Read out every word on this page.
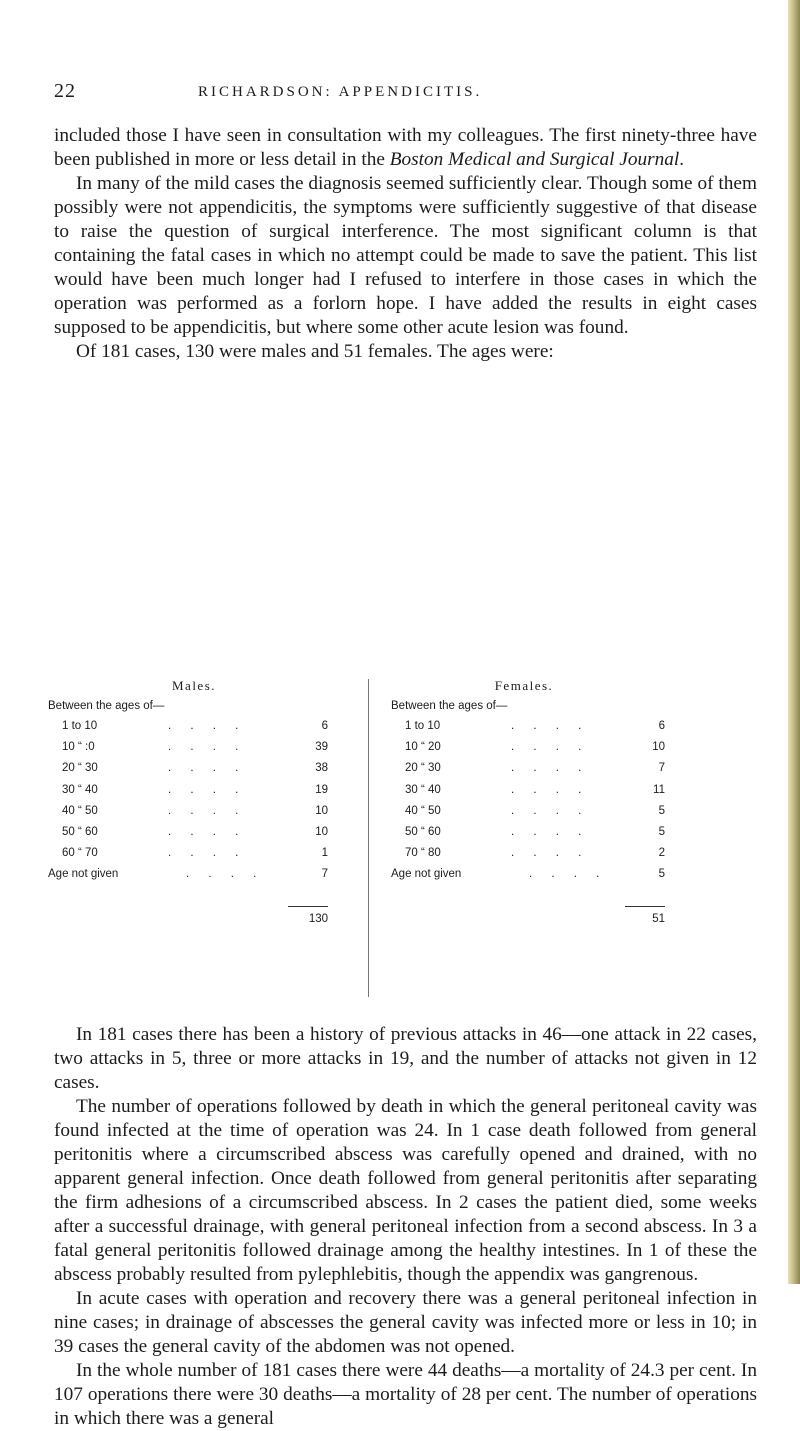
22	RICHARDSON: APPENDICITIS.

included those I have seen in consultation with my colleagues. The first ninety-three have been published in more or less detail in the Boston Medical and Surgical Journal.

In many of the mild cases the diagnosis seemed sufficiently clear. Though some of them possibly were not appendicitis, the symptoms were sufficiently suggestive of that disease to raise the question of surgical interference. The most significant column is that containing the fatal cases in which no attempt could be made to save the patient. This list would have been much longer had I refused to interfere in those cases in which the operation was performed as a forlorn hope. I have added the results in eight cases supposed to be appendicitis, but where some other acute lesion was found.

Of 181 cases, 130 were males and 51 females. The ages were:

Males.
Between the ages of—
1 to 10	. . . .	6
10 “ :0	. . . .	39
20 “ 30	. . . .	38
30 “ 40	. . . .	19
40 “ 50	. . . .	10
50 “ 60	. . . .	10
60 “ 70	. . . .	1
Age not given	. . . .	7
130
Females.
Between the ages of—
1 to 10	. . . .	6
10 “ 20	. . . .	10
20 “ 30	. . . .	7
30 “ 40	. . . .	11
40 “ 50	. . . .	5
50 “ 60	. . . .	5
70 “ 80	. . . .	2
Age not given	. . . .	5
51

In 181 cases there has been a history of previous attacks in 46—one attack in 22 cases, two attacks in 5, three or more attacks in 19, and the number of attacks not given in 12 cases.

The number of operations followed by death in which the general peritoneal cavity was found infected at the time of operation was 24. In 1 case death followed from general peritonitis where a circumscribed abscess was carefully opened and drained, with no apparent general infection. Once death followed from general peritonitis after separating the firm adhesions of a circumscribed abscess. In 2 cases the patient died, some weeks after a successful drainage, with general peritoneal infection from a second abscess. In 3 a fatal general peritonitis followed drainage among the healthy intestines. In 1 of these the abscess probably resulted from pylephlebitis, though the appendix was gangrenous.

In acute cases with operation and recovery there was a general peritoneal infection in nine cases; in drainage of abscesses the general cavity was infected more or less in 10; in 39 cases the general cavity of the abdomen was not opened.

In the whole number of 181 cases there were 44 deaths—a mortality of 24.3 per cent. In 107 operations there were 30 deaths—a mortality of 28 per cent. The number of operations in which there was a general
